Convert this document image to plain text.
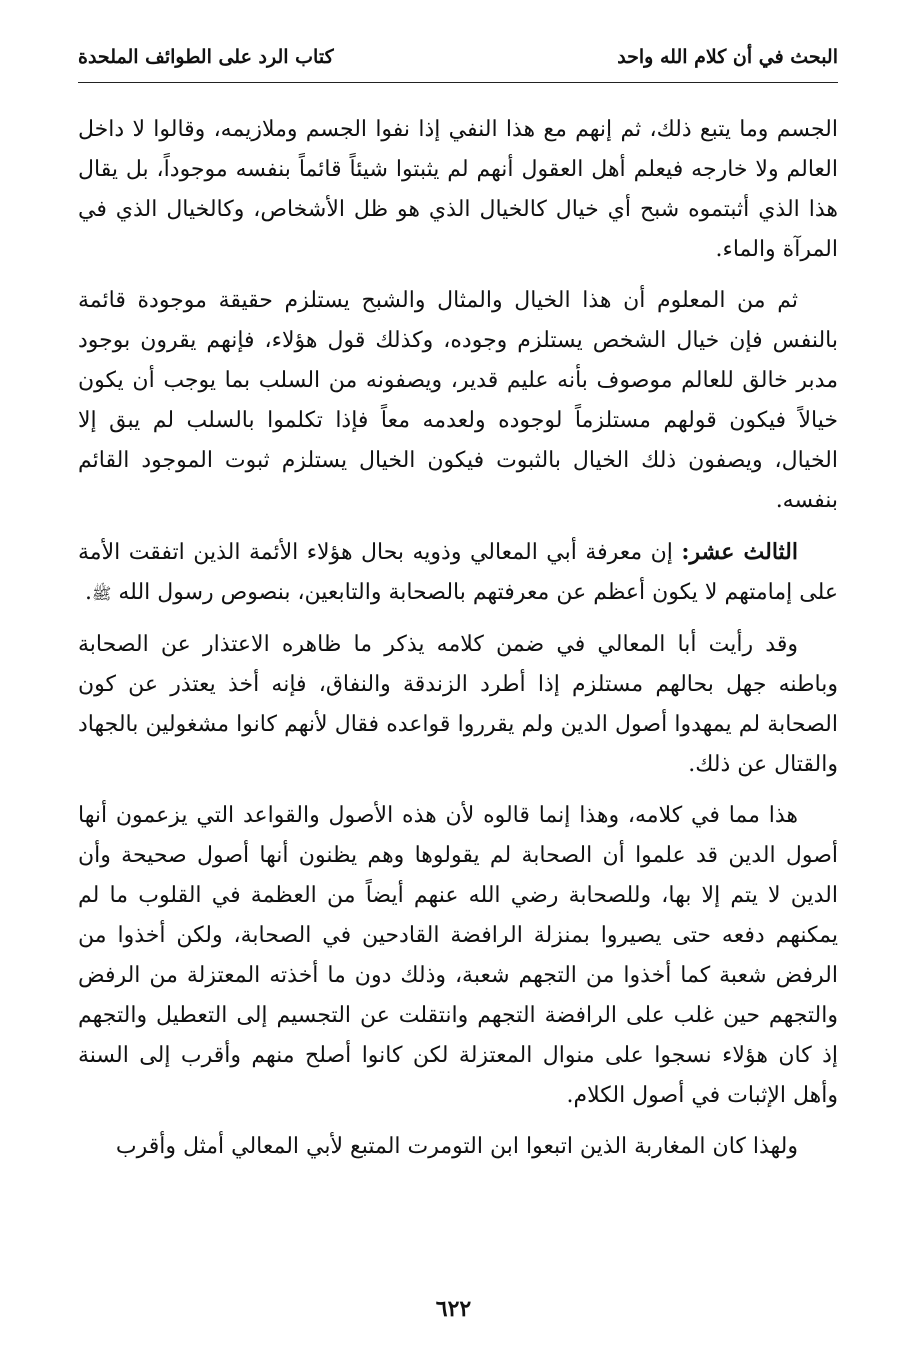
البحث في أن كلام الله واحد
كتاب الرد على الطوائف الملحدة

الجسم وما يتبع ذلك، ثم إنهم مع هذا النفي إذا نفوا الجسم وملازيمه، وقالوا لا داخل العالم ولا خارجه فيعلم أهل العقول أنهم لم يثبتوا شيئاً قائماً بنفسه موجوداً، بل يقال هذا الذي أثبتموه شبح أي خيال كالخيال الذي هو ظل الأشخاص، وكالخيال الذي في المرآة والماء.

ثم من المعلوم أن هذا الخيال والمثال والشبح يستلزم حقيقة موجودة قائمة بالنفس فإن خيال الشخص يستلزم وجوده، وكذلك قول هؤلاء، فإنهم يقرون بوجود مدبر خالق للعالم موصوف بأنه عليم قدير، ويصفونه من السلب بما يوجب أن يكون خيالاً فيكون قولهم مستلزماً لوجوده ولعدمه معاً فإذا تكلموا بالسلب لم يبق إلا الخيال، ويصفون ذلك الخيال بالثبوت فيكون الخيال يستلزم ثبوت الموجود القائم بنفسه.

الثالث عشر: إن معرفة أبي المعالي وذويه بحال هؤلاء الأئمة الذين اتفقت الأمة على إمامتهم لا يكون أعظم عن معرفتهم بالصحابة والتابعين، بنصوص رسول الله ﷺ.

وقد رأيت أبا المعالي في ضمن كلامه يذكر ما ظاهره الاعتذار عن الصحابة وباطنه جهل بحالهم مستلزم إذا أطرد الزندقة والنفاق، فإنه أخذ يعتذر عن كون الصحابة لم يمهدوا أصول الدين ولم يقرروا قواعده فقال لأنهم كانوا مشغولين بالجهاد والقتال عن ذلك.

هذا مما في كلامه، وهذا إنما قالوه لأن هذه الأصول والقواعد التي يزعمون أنها أصول الدين قد علموا أن الصحابة لم يقولوها وهم يظنون أنها أصول صحيحة وأن الدين لا يتم إلا بها، وللصحابة رضي الله عنهم أيضاً من العظمة في القلوب ما لم يمكنهم دفعه حتى يصيروا بمنزلة الرافضة القادحين في الصحابة، ولكن أخذوا من الرفض شعبة كما أخذوا من التجهم شعبة، وذلك دون ما أخذته المعتزلة من الرفض والتجهم حين غلب على الرافضة التجهم وانتقلت عن التجسيم إلى التعطيل والتجهم إذ كان هؤلاء نسجوا على منوال المعتزلة لكن كانوا أصلح منهم وأقرب إلى السنة وأهل الإثبات في أصول الكلام.

ولهذا كان المغاربة الذين اتبعوا ابن التومرت المتبع لأبي المعالي أمثل وأقرب

٦٢٢
